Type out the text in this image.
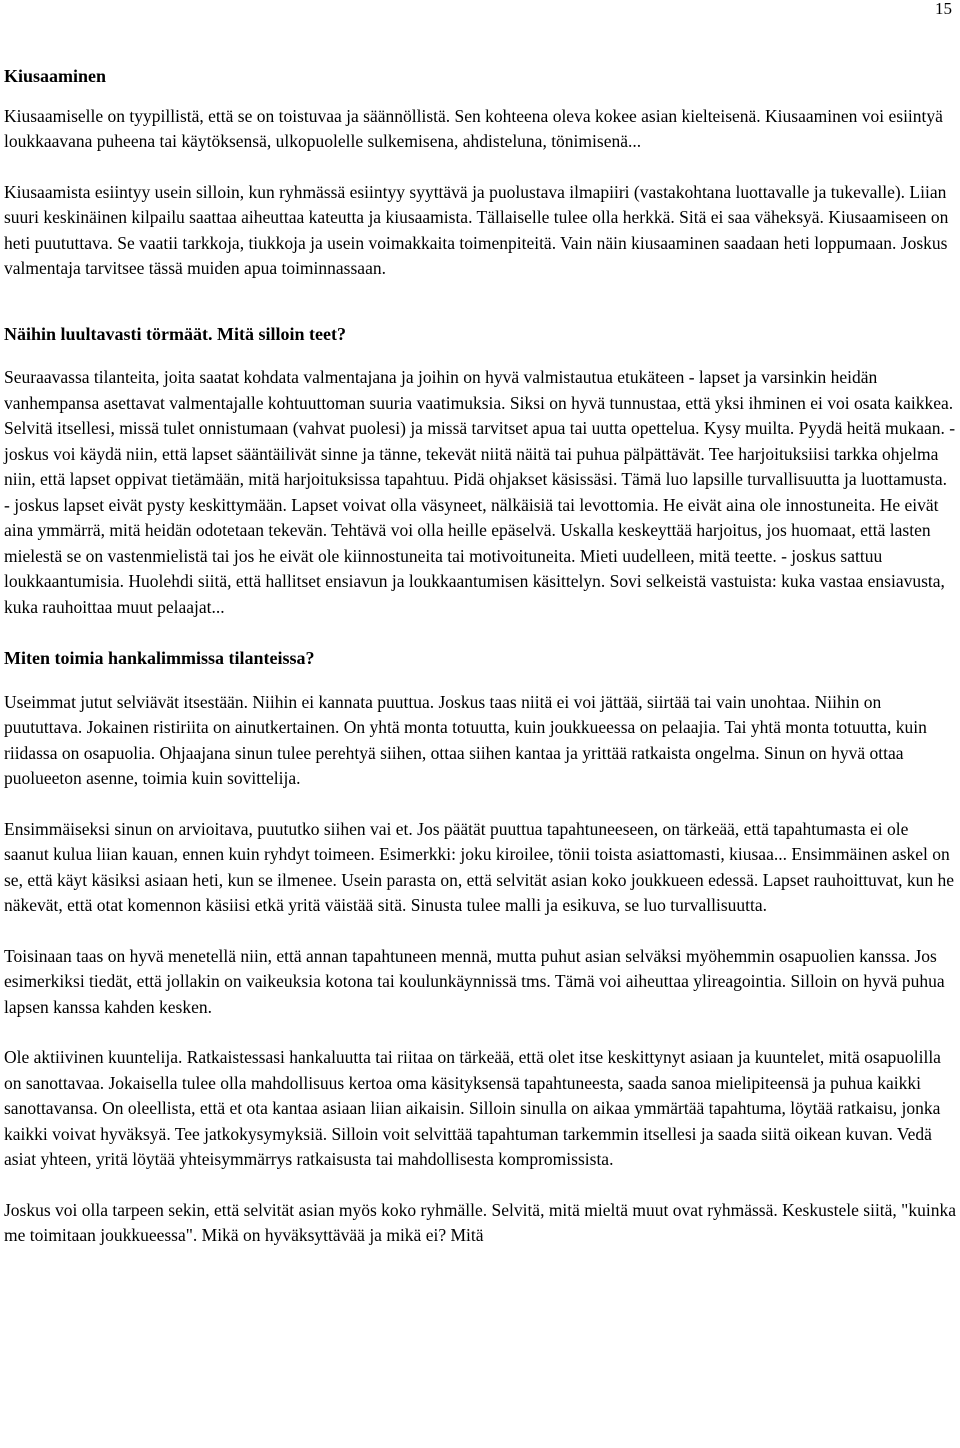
15
Kiusaaminen

Kiusaamiselle on tyypillistä, että se on toistuvaa ja säännöllistä. Sen kohteena oleva kokee asian kielteisenä. Kiusaaminen voi esiintyä loukkaavana puheena tai käytöksensä, ulkopuolelle sulkemisena, ahdisteluna, tönimisenä...

Kiusaamista esiintyy usein silloin, kun ryhmässä esiintyy syyttävä ja puolustava ilmapiiri (vastakohtana luottavalle ja tukevalle). Liian suuri keskinäinen kilpailu saattaa aiheuttaa kateutta ja kiusaamista. Tällaiselle tulee olla herkkä. Sitä ei saa väheksyä. Kiusaamiseen on heti puututtava. Se vaatii tarkkoja, tiukkoja ja usein voimakkaita toimenpiteitä. Vain näin kiusaaminen saadaan heti loppumaan. Joskus valmentaja tarvitsee tässä muiden apua toiminnassaan.

Näihin luultavasti törmäät. Mitä silloin teet?

Seuraavassa tilanteita, joita saatat kohdata valmentajana ja joihin on hyvä valmistautua etukäteen - lapset ja varsinkin heidän vanhempansa asettavat valmentajalle kohtuuttoman suuria vaatimuksia. Siksi on hyvä tunnustaa, että yksi ihminen ei voi osata kaikkea. Selvitä itsellesi, missä tulet onnistumaan (vahvat puolesi) ja missä tarvitset apua tai uutta opettelua. Kysy muilta. Pyydä heitä mukaan. - joskus voi käydä niin, että lapset sääntäilivät sinne ja tänne, tekevät niitä näitä tai puhua pälpättävät. Tee harjoituksiisi tarkka ohjelma niin, että lapset oppivat tietämään, mitä harjoituksissa tapahtuu. Pidä ohjakset käsissäsi. Tämä luo lapsille turvallisuutta ja luottamusta. - joskus lapset eivät pysty keskittymään. Lapset voivat olla väsyneet, nälkäisiä tai levottomia. He eivät aina ole innostuneita. He eivät aina ymmärrä, mitä heidän odotetaan tekevän. Tehtävä voi olla heille epäselvä. Uskalla keskeyttää harjoitus, jos huomaat, että lasten mielestä se on vastenmielistä tai jos he eivät ole kiinnostuneita tai motivoituneita. Mieti uudelleen, mitä teette. - joskus sattuu loukkaantumisia. Huolehdi siitä, että hallitset ensiavun ja loukkaantumisen käsittelyn. Sovi selkeistä vastuista: kuka vastaa ensiavusta, kuka rauhoittaa muut pelaajat...

Miten toimia hankalimmissa tilanteissa?

Useimmat jutut selviävät itsestään. Niihin ei kannata puuttua. Joskus taas niitä ei voi jättää, siirtää tai vain unohtaa. Niihin on puututtava. Jokainen ristiriita on ainutkertainen. On yhtä monta totuutta, kuin joukkueessa on pelaajia. Tai yhtä monta totuutta, kuin riidassa on osapuolia. Ohjaajana sinun tulee perehtyä siihen, ottaa siihen kantaa ja yrittää ratkaista ongelma. Sinun on hyvä ottaa puolueeton asenne, toimia kuin sovittelija.

Ensimmäiseksi sinun on arvioitava, puututko siihen vai et. Jos päätät puuttua tapahtuneeseen, on tärkeää, että tapahtumasta ei ole saanut kulua liian kauan, ennen kuin ryhdyt toimeen. Esimerkki: joku kiroilee, tönii toista asiattomasti, kiusaa... Ensimmäinen askel on se, että käyt käsiksi asiaan heti, kun se ilmenee. Usein parasta on, että selvität asian koko joukkueen edessä. Lapset rauhoittuvat, kun he näkevät, että otat komennon käsiisi etkä yritä väistää sitä. Sinusta tulee malli ja esikuva, se luo turvallisuutta.

Toisinaan taas on hyvä menetellä niin, että annan tapahtuneen mennä, mutta puhut asian selväksi myöhemmin osapuolien kanssa. Jos esimerkiksi tiedät, että jollakin on vaikeuksia kotona tai koulunkäynnissä tms. Tämä voi aiheuttaa ylireagointia. Silloin on hyvä puhua lapsen kanssa kahden kesken.

Ole aktiivinen kuuntelija. Ratkaistessasi hankaluutta tai riitaa on tärkeää, että olet itse keskittynyt asiaan ja kuuntelet, mitä osapuolilla on sanottavaa. Jokaisella tulee olla mahdollisuus kertoa oma käsityksensä tapahtuneesta, saada sanoa mielipiteensä ja puhua kaikki sanottavansa. On oleellista, että et ota kantaa asiaan liian aikaisin. Silloin sinulla on aikaa ymmärtää tapahtuma, löytää ratkaisu, jonka kaikki voivat hyväksyä. Tee jatkokysymyksiä. Silloin voit selvittää tapahtuman tarkemmin itsellesi ja saada siitä oikean kuvan. Vedä asiat yhteen, yritä löytää yhteisymmärrys ratkaisusta tai mahdollisesta kompromissista.

Joskus voi olla tarpeen sekin, että selvität asian myös koko ryhmälle. Selvitä, mitä mieltä muut ovat ryhmässä. Keskustele siitä, "kuinka me toimitaan joukkueessa". Mikä on hyväksyttävää ja mikä ei? Mitä
